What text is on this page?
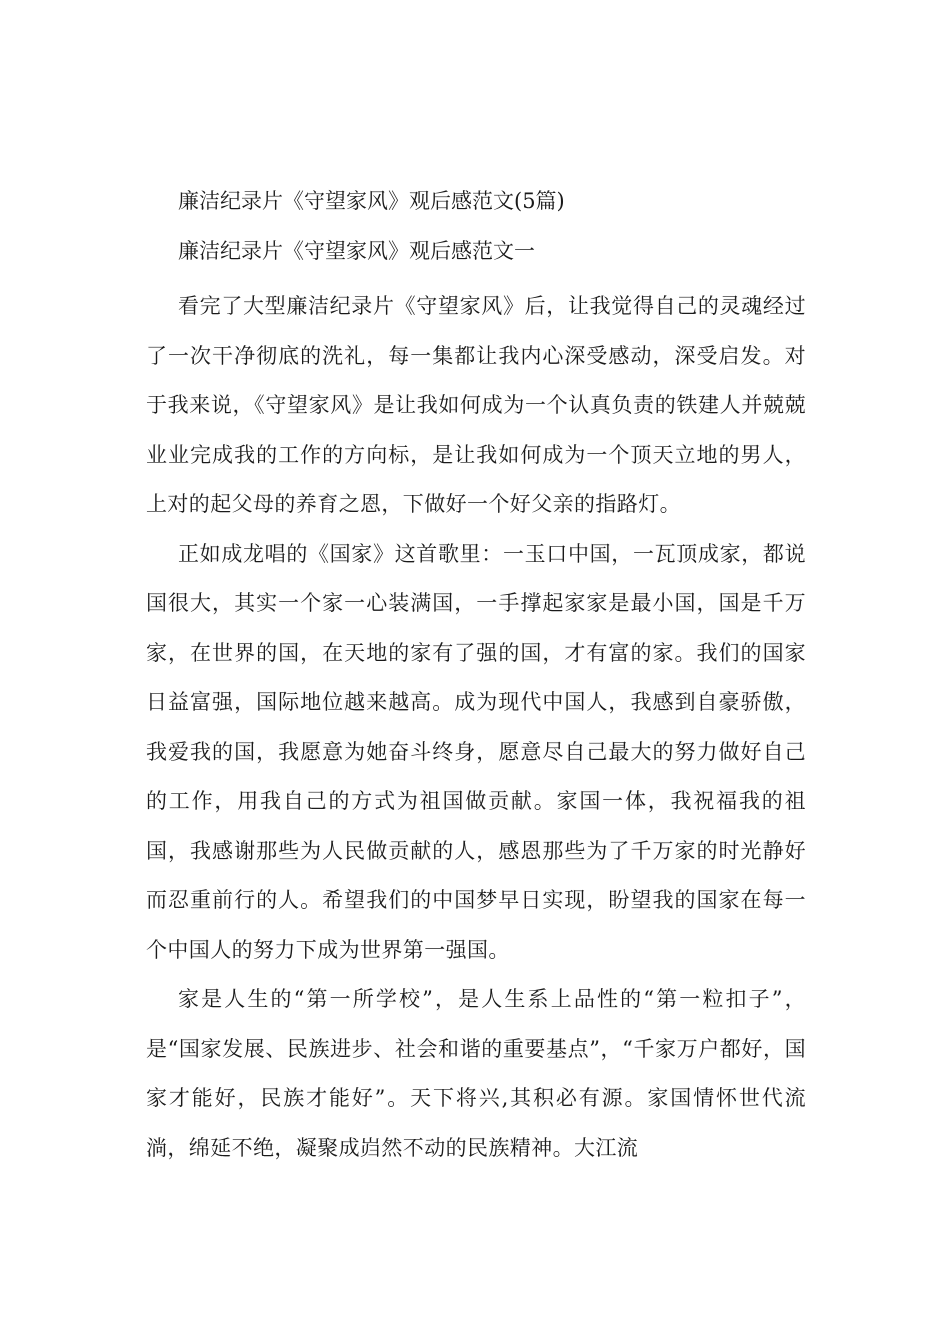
廉洁纪录片《守望家风》观后感范文(5篇)
廉洁纪录片《守望家风》观后感范文一

看完了大型廉洁纪录片《守望家风》后，让我觉得自己的灵魂经过了一次干净彻底的洗礼，每一集都让我内心深受感动，深受启发。对于我来说，《守望家风》是让我如何成为一个认真负责的铁建人并兢兢业业完成我的工作的方向标，是让我如何成为一个顶天立地的男人，上对的起父母的养育之恩，下做好一个好父亲的指路灯。

正如成龙唱的《国家》这首歌里：一玉口中国，一瓦顶成家，都说国很大，其实一个家一心装满国，一手撑起家家是最小国，国是千万家，在世界的国，在天地的家有了强的国，才有富的家。我们的国家日益富强，国际地位越来越高。成为现代中国人，我感到自豪骄傲，我爱我的国，我愿意为她奋斗终身，愿意尽自己最大的努力做好自己的工作，用我自己的方式为祖国做贡献。家国一体，我祝福我的祖国，我感谢那些为人民做贡献的人，感恩那些为了千万家的时光静好而忍重前行的人。希望我们的中国梦早日实现，盼望我的国家在每一个中国人的努力下成为世界第一强国。

家是人生的“第一所学校”，是人生系上品性的“第一粒扣子”，是“国家发展、民族进步、社会和谐的重要基点”，“千家万户都好，国家才能好，民族才能好”。天下将兴,其积必有源。家国情怀世代流淌，绵延不绝，凝聚成岿然不动的民族精神。大江流
